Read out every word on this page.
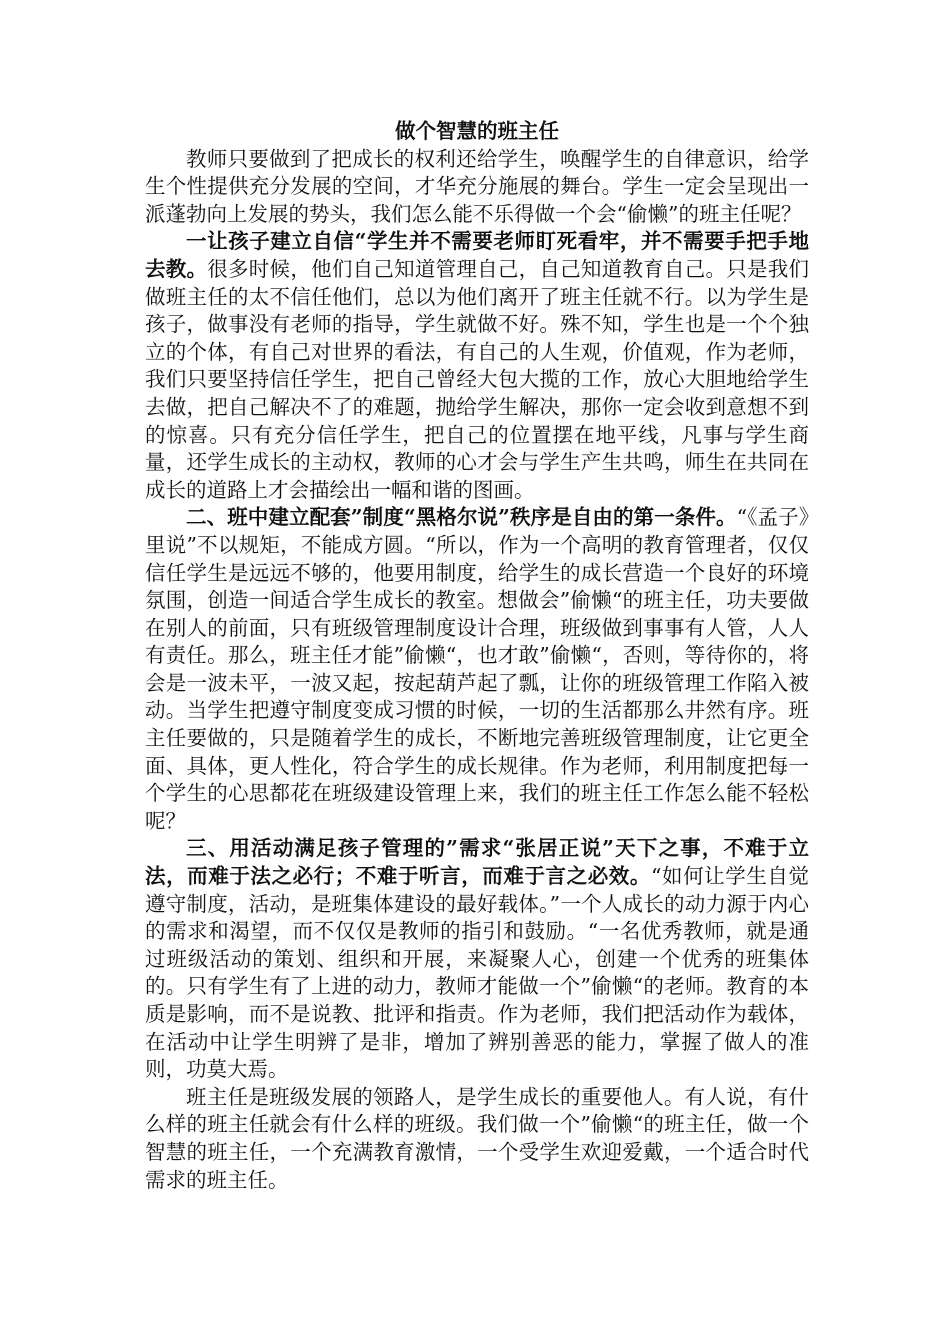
做个智慧的班主任

教师只要做到了把成长的权利还给学生，唤醒学生的自律意识，给学生个性提供充分发展的空间，才华充分施展的舞台。学生一定会呈现出一派蓬勃向上发展的势头，我们怎么能不乐得做一个会“偷懒”的班主任呢？

一让孩子建立自信“学生并不需要老师盯死看牢，并不需要手把手地去教。很多时候，他们自己知道管理自己，自己知道教育自己。只是我们做班主任的太不信任他们，总以为他们离开了班主任就不行。以为学生是孩子，做事没有老师的指导，学生就做不好。殊不知，学生也是一个个独立的个体，有自己对世界的看法，有自己的人生观，价值观，作为老师，我们只要坚持信任学生，把自己曾经大包大揽的工作，放心大胆地给学生去做，把自己解决不了的难题，抛给学生解决，那你一定会收到意想不到的惊喜。只有充分信任学生，把自己的位置摆在地平线，凡事与学生商量，还学生成长的主动权，教师的心才会与学生产生共鸣，师生在共同在成长的道路上才会描绘出一幅和谐的图画。

二、班中建立配套”制度“黑格尔说”秩序是自由的第一条件。“《孟子》里说”不以规矩，不能成方圆。“所以，作为一个高明的教育管理者，仅仅信任学生是远远不够的，他要用制度，给学生的成长营造一个良好的环境氛围，创造一间适合学生成长的教室。想做会”偷懒“的班主任，功夫要做在别人的前面，只有班级管理制度设计合理，班级做到事事有人管，人人有责任。那么，班主任才能”偷懒“，也才敢”偷懒“，否则，等待你的，将会是一波未平，一波又起，按起葫芦起了瓢，让你的班级管理工作陷入被动。当学生把遵守制度变成习惯的时候，一切的生活都那么井然有序。班主任要做的，只是随着学生的成长，不断地完善班级管理制度，让它更全面、具体，更人性化，符合学生的成长规律。作为老师，利用制度把每一个学生的心思都花在班级建设管理上来，我们的班主任工作怎么能不轻松呢？

三、用活动满足孩子管理的”需求“张居正说”天下之事，不难于立法，而难于法之必行；不难于听言，而难于言之必效。“如何让学生自觉遵守制度，活动，是班集体建设的最好载体。”一个人成长的动力源于内心的需求和渴望，而不仅仅是教师的指引和鼓励。“一名优秀教师，就是通过班级活动的策划、组织和开展，来凝聚人心，创建一个优秀的班集体的。只有学生有了上进的动力，教师才能做一个”偷懒“的老师。教育的本质是影响，而不是说教、批评和指责。作为老师，我们把活动作为载体，在活动中让学生明辨了是非，增加了辨别善恶的能力，掌握了做人的准则，功莫大焉。

班主任是班级发展的领路人，是学生成长的重要他人。有人说，有什么样的班主任就会有什么样的班级。我们做一个”偷懒“的班主任，做一个智慧的班主任，一个充满教育激情，一个受学生欢迎爱戴，一个适合时代需求的班主任。
